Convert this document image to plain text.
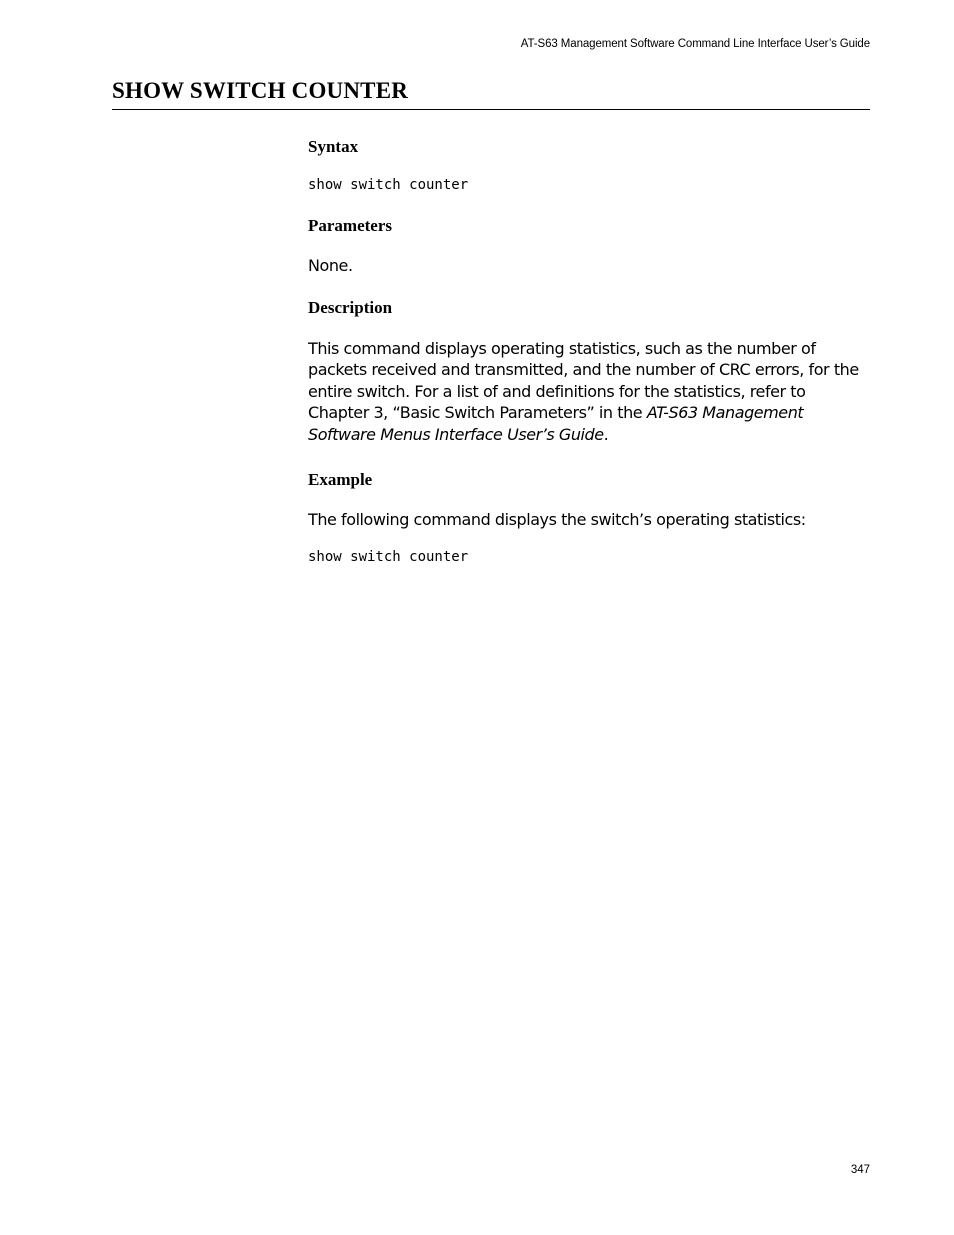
AT-S63 Management Software Command Line Interface User’s Guide
SHOW SWITCH COUNTER
Syntax
show switch counter
Parameters

None.

Description

This command displays operating statistics, such as the number of packets received and transmitted, and the number of CRC errors, for the entire switch. For a list of and definitions for the statistics, refer to Chapter 3, “Basic Switch Parameters” in the AT-S63 Management Software Menus Interface User’s Guide.

Example

The following command displays the switch’s operating statistics:

show switch counter
347
